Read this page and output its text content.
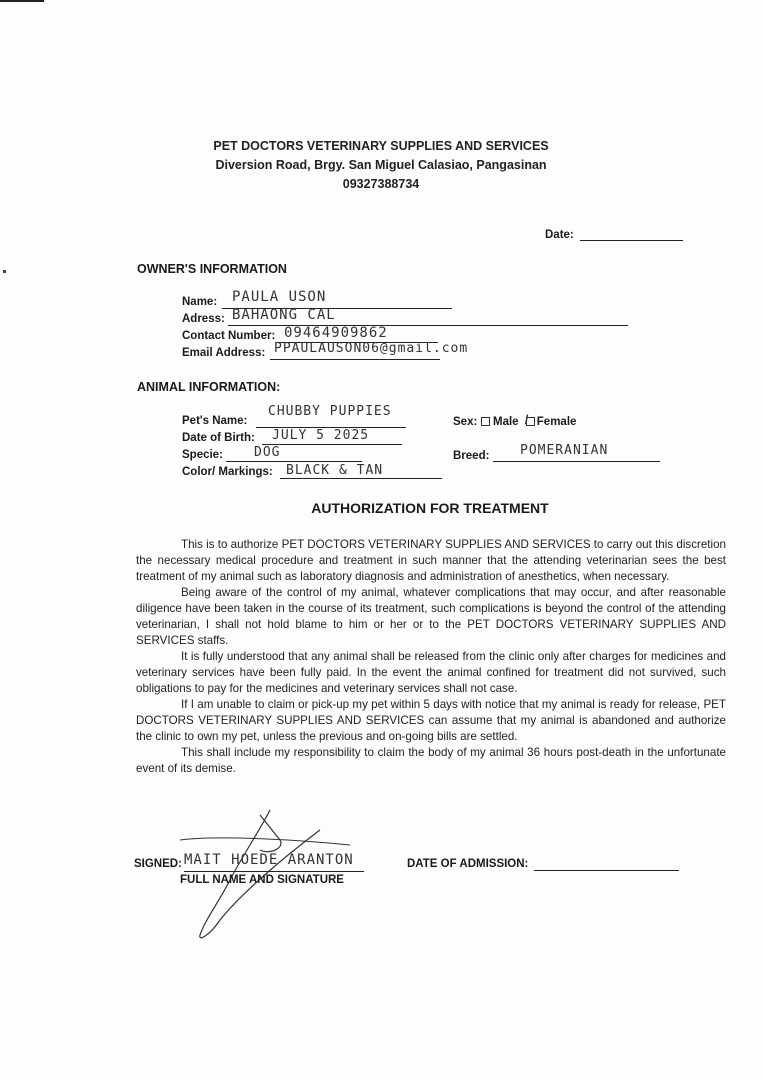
PET DOCTORS VETERINARY SUPPLIES AND SERVICES
Diversion Road, Brgy. San Miguel Calasiao, Pangasinan
09327388734
Date:
OWNER'S INFORMATION
Name: PAULA USON
Adress: BAHAONG CAL
Contact Number: 09464909862
Email Address: PPAULAUSON06@gmail.com
ANIMAL INFORMATION:
Pet's Name:
CHUBBY PUPPIES
Date of Birth: JULY 5 2025
Specie: DOG
Color/ Markings: BLACK & TAN
Sex:	Male / Female
Breed: POMERANIAN
AUTHORIZATION FOR TREATMENT

This is to authorize PET DOCTORS VETERINARY SUPPLIES AND SERVICES to carry out this discretion the necessary medical procedure and treatment in such manner that the attending veterinarian sees the best treatment of my animal such as laboratory diagnosis and administration of anesthetics, when necessary.

Being aware of the control of my animal, whatever complications that may occur, and after reasonable diligence have been taken in the course of its treatment, such complications is beyond the control of the attending veterinarian, I shall not hold blame to him or her or to the PET DOCTORS VETERINARY SUPPLIES AND SERVICES staffs.

It is fully understood that any animal shall be released from the clinic only after charges for medicines and veterinary services have been fully paid. In the event the animal confined for treatment did not survived, such obligations to pay for the medicines and veterinary services shall not case.

If I am unable to claim or pick-up my pet within 5 days with notice that my animal is ready for release, PET DOCTORS VETERINARY SUPPLIES AND SERVICES can assume that my animal is abandoned and authorize the clinic to own my pet, unless the previous and on-going bills are settled.

This shall include my responsibility to claim the body of my animal 36 hours post-death in the unfortunate event of its demise.

SIGNED: MAIT HOEDE ARANTON
FULL NAME AND SIGNATURE
DATE OF ADMISSION:
